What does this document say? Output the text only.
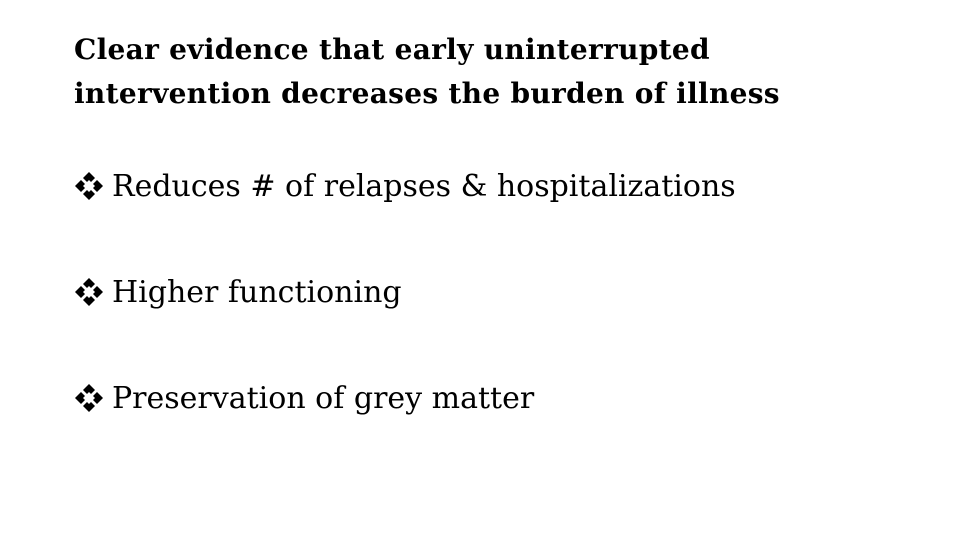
Clear evidence that early uninterrupted
intervention decreases the burden of illness
Reduces # of relapses & hospitalizations
Higher functioning
Preservation of grey matter
